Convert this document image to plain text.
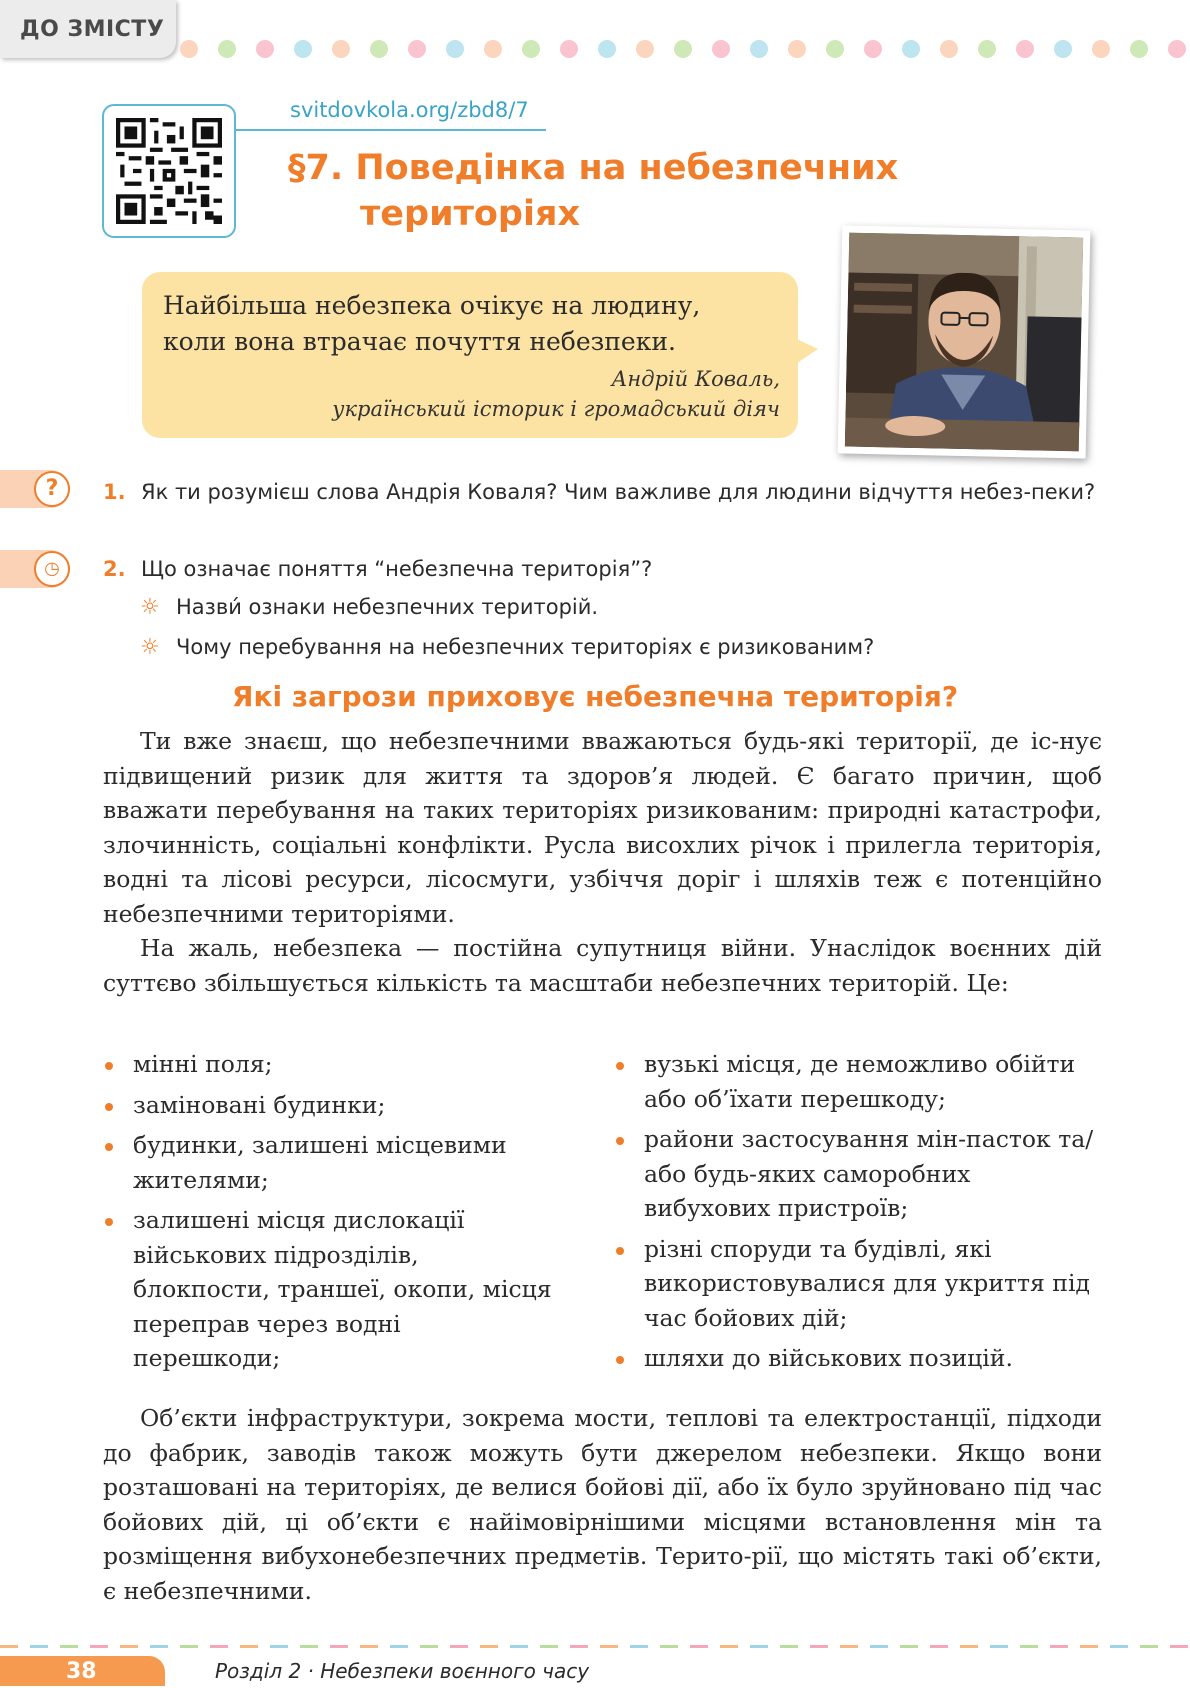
ДО ЗМІСТУ
svitdovkola.org/zbd8/7
§7. Поведінка на небезпечних
територіях
Найбільша небезпека очікує на людину,
коли вона втрачає почуття небезпеки.
Андрій Коваль,
український історик і громадський діяч
?	1. Як ти розумієш слова Андрія Коваля? Чим важливе для людини відчуття небез-пеки?
◷	2. Що означає поняття “небезпечна територія”?
☼ Назви́ ознаки небезпечних територій.
☼ Чому перебування на небезпечних територіях є ризикованим?
Які загрози приховує небезпечна територія?

Ти вже знаєш, що небезпечними вважаються будь-які території, де іс-нує підвищений ризик для життя та здоров’я людей. Є багато причин, щоб вважати перебування на таких територіях ризикованим: природні катастрофи, злочинність, соціальні конфлікти. Русла висохлих річок і прилегла територія, водні та лісові ресурси, лісосмуги, узбіччя доріг і шляхів теж є потенційно небезпечними територіями.

На жаль, небезпека — постійна супутниця війни. Унаслідок воєнних дій суттєво збільшується кількість та масштаби небезпечних територій. Це:

мінні поля;
заміновані будинки;
будинки, залишені місцевими жителями;
залишені місця дислокації військових підрозділів, блокпости, траншеї, окопи, місця переправ через водні перешкоди;
вузькі місця, де неможливо обійти або об’їхати перешкоду;
райони застосування мін-пасток та/або будь-яких саморобних вибухових пристроїв;
різні споруди та будівлі, які використовувалися для укриття під час бойових дій;
шляхи до військових позицій.

Об’єкти інфраструктури, зокрема мости, теплові та електростанції, підходи до фабрик, заводів також можуть бути джерелом небезпеки. Якщо вони розташовані на територіях, де велися бойові дії, або їх було зруйновано під час бойових дій, ці об’єкти є найімовірнішими місцями встановлення мін та розміщення вибухонебезпечних предметів. Терито-рії, що містять такі об’єкти, є небезпечними.

38	Розділ 2 · Небезпеки воєнного часу
